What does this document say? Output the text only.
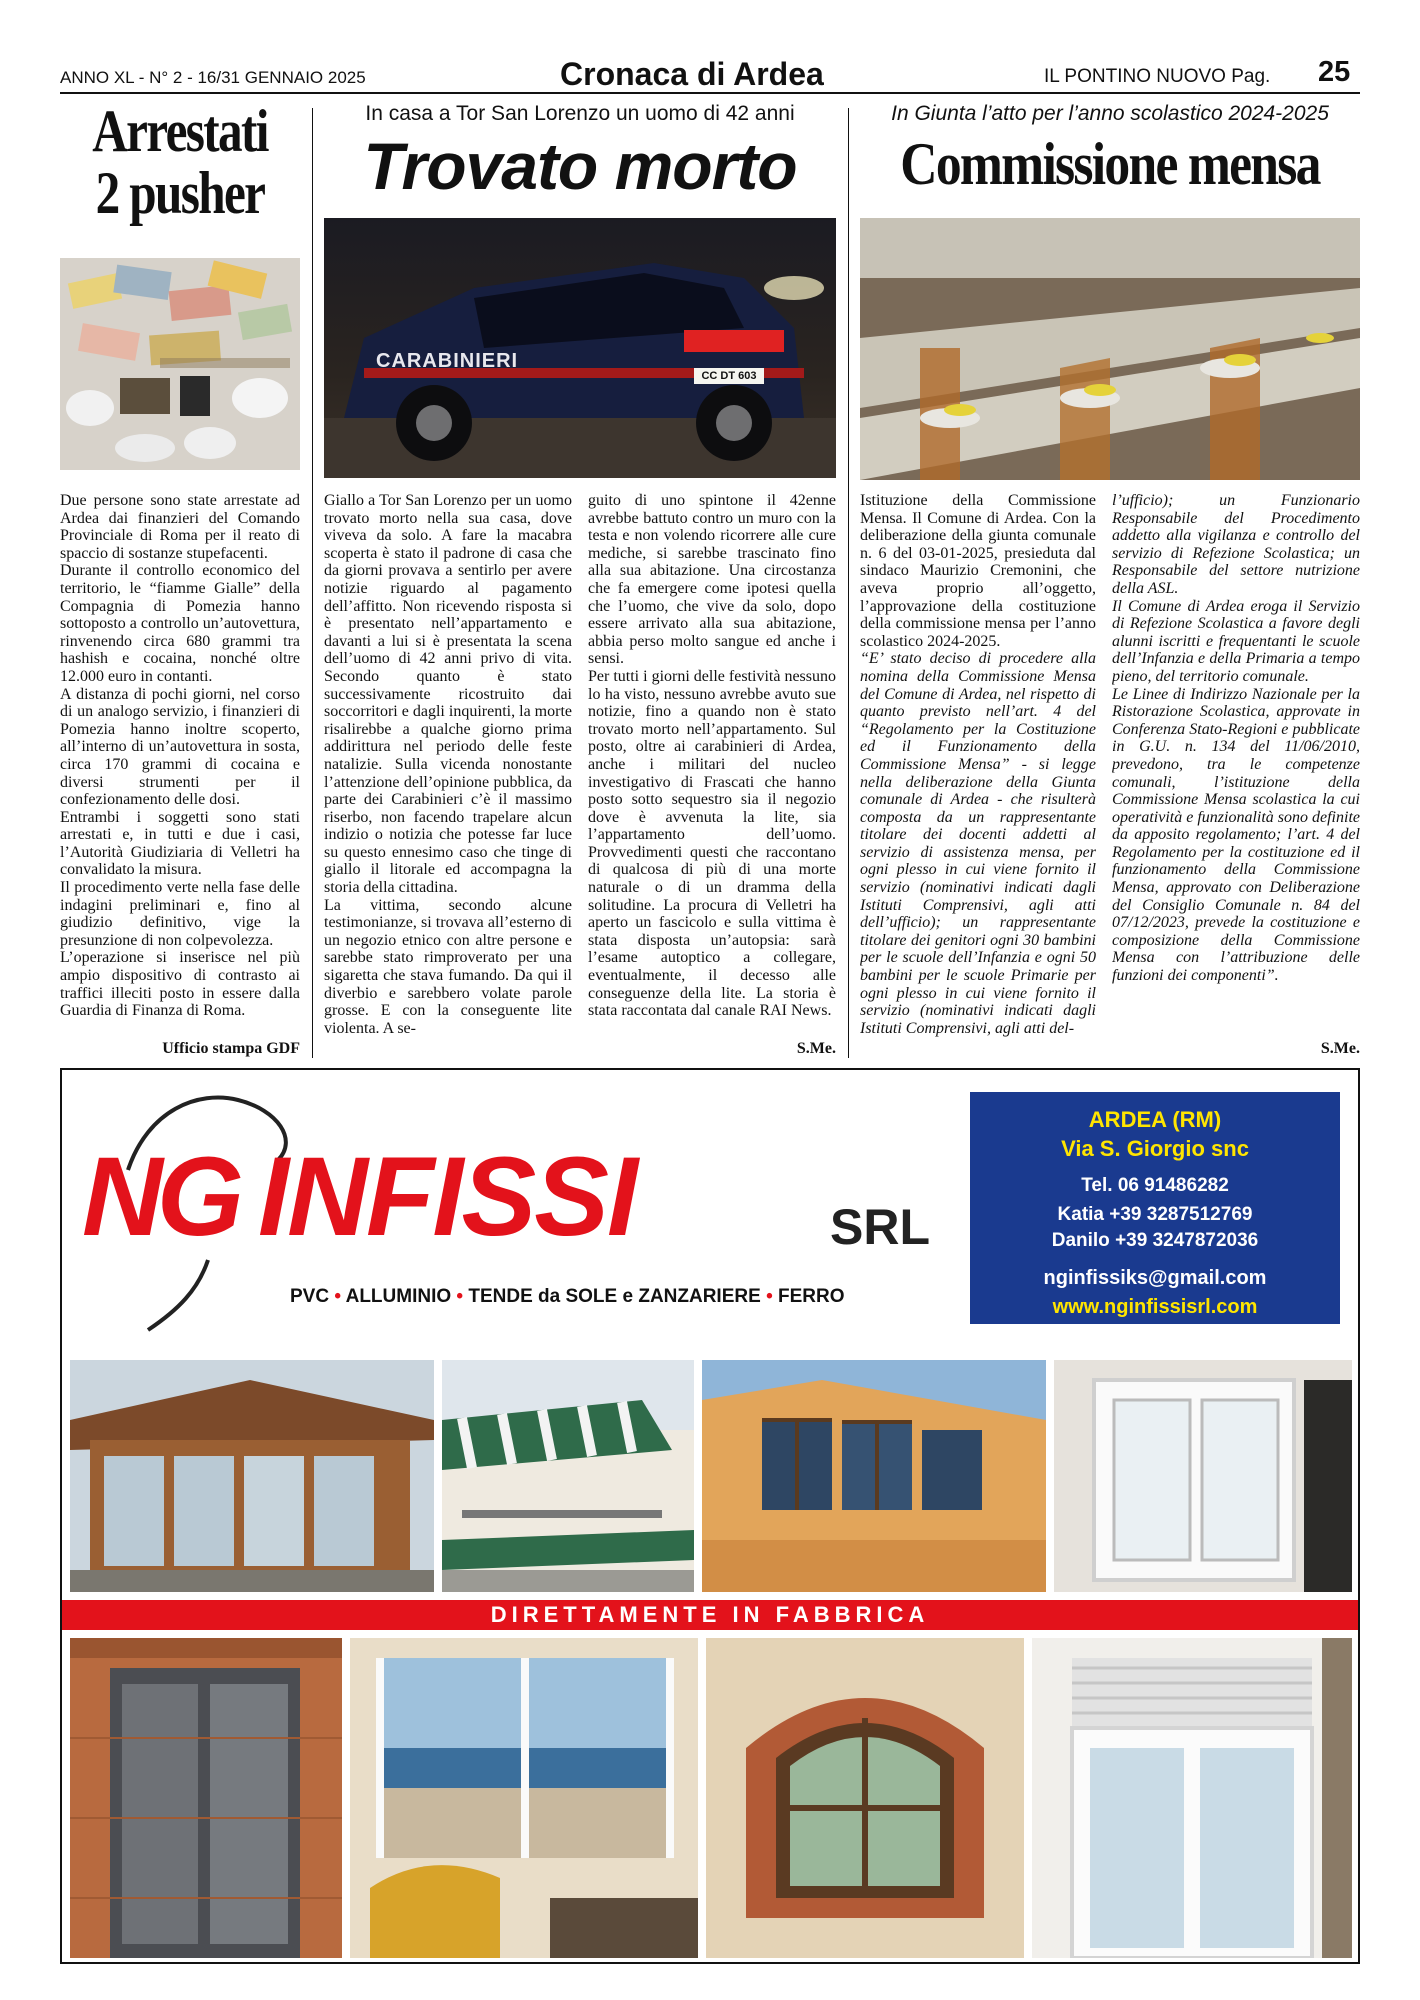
ANNO XL - N° 2 - 16/31 GENNAIO 2025	Cronaca di Ardea	IL PONTINO NUOVO Pag. 25
Arrestati
2 pusher

Due persone sono state arrestate ad Ardea dai finanzieri del Comando Provinciale di Roma per il reato di spaccio di sostanze stupefacenti.

Durante il controllo economico del territorio, le “fiamme Gialle” della Compagnia di Pomezia hanno sottoposto a controllo un’autovettura, rinvenendo circa 680 grammi tra hashish e cocaina, nonché oltre 12.000 euro in contanti.

A distanza di pochi giorni, nel corso di un analogo servizio, i finanzieri di Pomezia hanno inoltre scoperto, all’interno di un’autovettura in sosta, circa 170 grammi di cocaina e diversi strumenti per il confezionamento delle dosi.

Entrambi i soggetti sono stati arrestati e, in tutti e due i casi, l’Autorità Giudiziaria di Velletri ha convalidato la misura.

Il procedimento verte nella fase delle indagini preliminari e, fino al giudizio definitivo, vige la presunzione di non colpevolezza.

L’operazione si inserisce nel più ampio dispositivo di contrasto ai traffici illeciti posto in essere dalla Guardia di Finanza di Roma.

Ufficio stampa GDF
In casa a Tor San Lorenzo un uomo di 42 anni
Trovato morto
CARABINIERI
CC DT 603

Giallo a Tor San Lorenzo per un uomo trovato morto nella sua casa, dove viveva da solo. A fare la macabra scoperta è stato il padrone di casa che da giorni provava a sentirlo per avere notizie riguardo al pagamento dell’affitto. Non ricevendo risposta si è presentato nell’appartamento e davanti a lui si è presentata la scena dell’uomo di 42 anni privo di vita. Secondo quanto è stato successivamente ricostruito dai soccorritori e dagli inquirenti, la morte risalirebbe a qualche giorno prima addirittura nel periodo delle feste natalizie. Sulla vicenda nonostante l’attenzione dell’opinione pubblica, da parte dei Carabinieri c’è il massimo riserbo, non facendo trapelare alcun indizio o notizia che potesse far luce su questo ennesimo caso che tinge di giallo il litorale ed accompagna la storia della cittadina.

La vittima, secondo alcune testimonianze, si trovava all’esterno di un negozio etnico con altre persone e sarebbe stato rimproverato per una sigaretta che stava fumando. Da qui il diverbio e sarebbero volate parole grosse. E con la conseguente lite violenta. A se-

guito di uno spintone il 42enne avrebbe battuto contro un muro con la testa e non volendo ricorrere alle cure mediche, si sarebbe trascinato fino alla sua abitazione. Una circostanza che fa emergere come ipotesi quella che l’uomo, che vive da solo, dopo essere arrivato alla sua abitazione, abbia perso molto sangue ed anche i sensi.

Per tutti i giorni delle festività nessuno lo ha visto, nessuno avrebbe avuto sue notizie, fino a quando non è stato trovato morto nell’appartamento. Sul posto, oltre ai carabinieri di Ardea, anche i militari del nucleo investigativo di Frascati che hanno posto sotto sequestro sia il negozio dove è avvenuta la lite, sia l’appartamento dell’uomo. Provvedimenti questi che raccontano di qualcosa di più di una morte naturale o di un dramma della solitudine. La procura di Velletri ha aperto un fascicolo e sulla vittima è stata disposta un’autopsia: sarà l’esame autoptico a collegare, eventualmente, il decesso alle conseguenze della lite. La storia è stata raccontata dal canale RAI News.

S.Me.
In Giunta l’atto per l’anno scolastico 2024-2025
Commissione mensa

Istituzione della Commissione Mensa. Il Comune di Ardea. Con la deliberazione della giunta comunale n. 6 del 03-01-2025, presieduta dal sindaco Maurizio Cremonini, che aveva proprio all’oggetto, l’approvazione della costituzione della commissione mensa per l’anno scolastico 2024-2025.

“E’ stato deciso di procedere alla nomina della Commissione Mensa del Comune di Ardea, nel rispetto di quanto previsto nell’art. 4 del “Regolamento per la Costituzione ed il Funzionamento della Commissione Mensa” - si legge nella deliberazione della Giunta comunale di Ardea - che risulterà composta da un rappresentante titolare dei docenti addetti al servizio di assistenza mensa, per ogni plesso in cui viene fornito il servizio (nominativi indicati dagli Istituti Comprensivi, agli atti dell’ufficio); un rappresentante titolare dei genitori ogni 30 bambini per le scuole dell’Infanzia e ogni 50 bambini per le scuole Primarie per ogni plesso in cui viene fornito il servizio (nominativi indicati dagli Istituti Comprensivi, agli atti del-

l’ufficio); un Funzionario Responsabile del Procedimento addetto alla vigilanza e controllo del servizio di Refezione Scolastica; un Responsabile del settore nutrizione della ASL.

Il Comune di Ardea eroga il Servizio di Refezione Scolastica a favore degli alunni iscritti e frequentanti le scuole dell’Infanzia e della Primaria a tempo pieno, del territorio comunale.

Le Linee di Indirizzo Nazionale per la Ristorazione Scolastica, approvate in Conferenza Stato-Regioni e pubblicate in G.U. n. 134 del 11/06/2010, prevedono, tra le competenze comunali, l’istituzione della Commissione Mensa scolastica la cui operatività e funzionalità sono definite da apposito regolamento; l’art. 4 del Regolamento per la costituzione ed il funzionamento della Commissione Mensa, approvato con Deliberazione del Consiglio Comunale n. 84 del 07/12/2023, prevede la costituzione e composizione della Commissione Mensa con l’attribuzione delle funzioni dei componenti”.

S.Me.
NG INFISSI	SRL
PVC • ALLUMINIO • TENDE da SOLE e ZANZARIERE • FERRO
ARDEA (RM)
Via S. Giorgio snc
Tel. 06 91486282
Katia +39 3287512769
Danilo +39 3247872036
nginfissiks@gmail.com
www.nginfissisrl.com
DIRETTAMENTE IN FABBRICA
